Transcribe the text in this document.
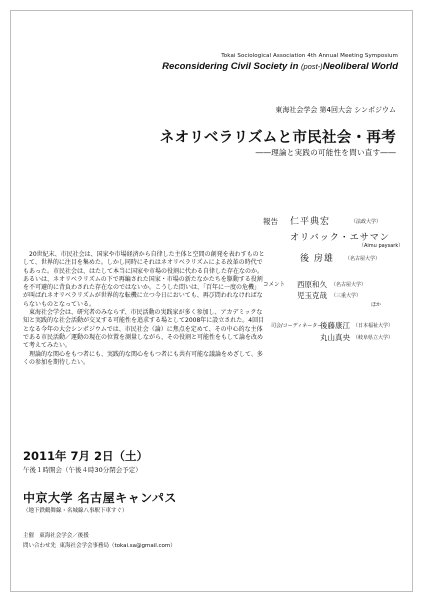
Tokai Sociological Association 4th Annual Meeting Symposium
Reconsidering Civil Society in (post-)Neoliberal World
東海社会学会 第4回大会 シンポジウム
ネオリベラリズムと市民社会・再考
――理論と実践の可能性を問い直す――
報告 仁平典宏	（法政大学）
オリバック・エサマン
（Aimu paysark）
後 房雄 （名古屋大学）
コメント 西原和久 （名古屋大学）
児玉克哉 （三重大学）
ほか
司会/コーディネーター
後藤康江 （日本福祉大学）
丸山真央 （岐阜県立大学）

20世紀末、市民社会は、国家や市場経済から自律した主体と空間の創発を表わすものとして、世界的に注目を集めた。しかし同時にそれはネオリベラリズムによる改革の時代でもあった。市民社会は、はたして本当に国家や市場の役割に代わる自律した存在なのか。あるいは、ネオリベラリズムの下で再編された国家・市場の新たなかたちを駆動する役割を不可避的に背負わされた存在なのではないか。こうした問いは、「百年に一度の危機」が叫ばれネオリベラリズムが世界的な転機に立つ今日においても、再び問われなければならないものとなっている。

東海社会学会は、研究者のみならず、市民活動の実践家が多く参加し、アカデミックな知と実践的な社会活動が交叉する可能性を追求する場として2008年に設立された。4回目となる今年の大会シンポジウムでは、市民社会（論）に焦点を定めて、その中心的な主体である市民活動／運動の現在の位置を測量しながら、その役割と可能性をもして論を改めて考えてみたい。

理論的な関心をもつ者にも、実践的な関心をもつ者にも共有可能な議論をめざして、多くの参加を期待したい。

2011年 7月 2日（土）
午後１時開会（午後４時30分閉会予定）
中京大学 名古屋キャンパス
（地下鉄鶴舞線・名城線八事駅下車すぐ）
主催 東海社会学会／後援
問い合わせ先 東海社会学会事務局（tokai.sa@gmail.com）
